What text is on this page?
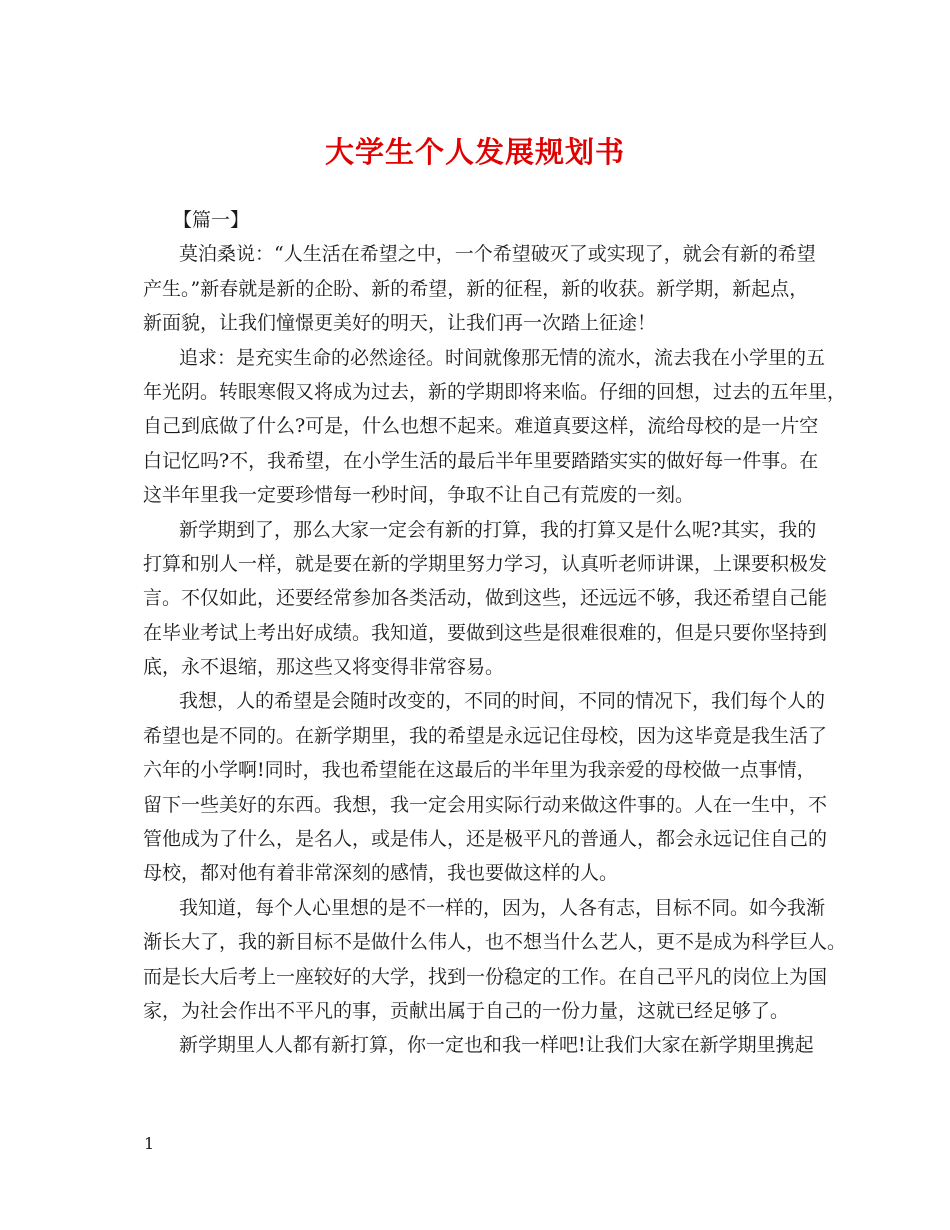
大学生个人发展规划书
【篇一】
莫泊桑说：“人生活在希望之中，一个希望破灭了或实现了，就会有新的希望
产生。”新春就是新的企盼、新的希望，新的征程，新的收获。新学期，新起点，
新面貌，让我们憧憬更美好的明天，让我们再一次踏上征途！
追求：是充实生命的必然途径。时间就像那无情的流水，流去我在小学里的五
年光阴。转眼寒假又将成为过去，新的学期即将来临。仔细的回想，过去的五年里，
自己到底做了什么?可是，什么也想不起来。难道真要这样，流给母校的是一片空
白记忆吗?不，我希望，在小学生活的最后半年里要踏踏实实的做好每一件事。在
这半年里我一定要珍惜每一秒时间，争取不让自己有荒废的一刻。
新学期到了，那么大家一定会有新的打算，我的打算又是什么呢?其实，我的
打算和别人一样，就是要在新的学期里努力学习，认真听老师讲课，上课要积极发
言。不仅如此，还要经常参加各类活动，做到这些，还远远不够，我还希望自己能
在毕业考试上考出好成绩。我知道，要做到这些是很难很难的，但是只要你坚持到
底，永不退缩，那这些又将变得非常容易。
我想，人的希望是会随时改变的，不同的时间，不同的情况下，我们每个人的
希望也是不同的。在新学期里，我的希望是永远记住母校，因为这毕竟是我生活了
六年的小学啊!同时，我也希望能在这最后的半年里为我亲爱的母校做一点事情，
留下一些美好的东西。我想，我一定会用实际行动来做这件事的。人在一生中，不
管他成为了什么，是名人，或是伟人，还是极平凡的普通人，都会永远记住自己的
母校，都对他有着非常深刻的感情，我也要做这样的人。
我知道，每个人心里想的是不一样的，因为，人各有志，目标不同。如今我渐
渐长大了，我的新目标不是做什么伟人，也不想当什么艺人，更不是成为科学巨人。
而是长大后考上一座较好的大学，找到一份稳定的工作。在自己平凡的岗位上为国
家，为社会作出不平凡的事，贡献出属于自己的一份力量，这就已经足够了。
新学期里人人都有新打算，你一定也和我一样吧!让我们大家在新学期里携起
1
